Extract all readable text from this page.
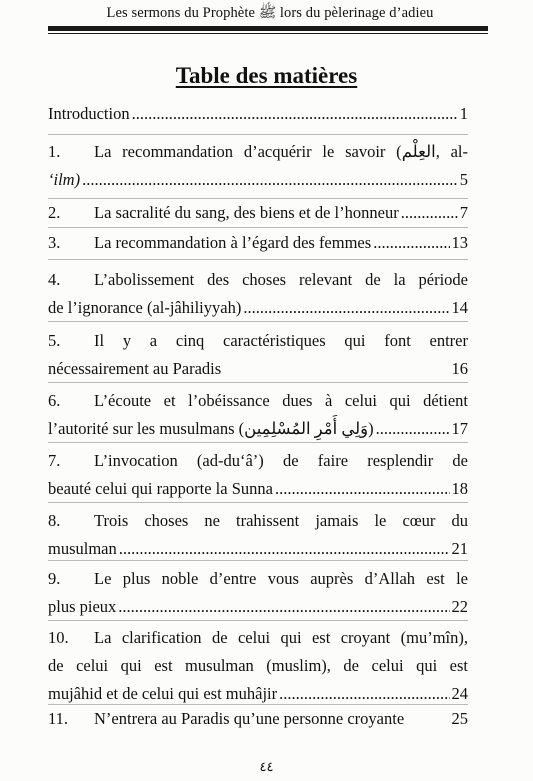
Les sermons du Prophète ﷺ lors du pèlerinage d’adieu
Table des matières
Introduction .....	1
1. La recommandation d’acquérir le savoir (العِلْم, al-
‘ilm) .....	5
2.	La sacralité du sang, des biens et de l’honneur .....	7
3.	La recommandation à l’égard des femmes .....	13
4. L’abolissement des choses relevant de la période
de l’ignorance (al-jâhiliyyah) .....	14
5. Il y a cinq caractéristiques qui font entrer
nécessairement au Paradis	16
6. L’écoute et l’obéissance dues à celui qui détient
l’autorité sur les musulmans (وَلِي أَمْرِ المُسْلِمِين) .....	17
7. L’invocation (ad-du‘â’) de faire resplendir de
beauté celui qui rapporte la Sunna .....	18
8. Trois choses ne trahissent jamais le cœur du
musulman .....	21
9. Le plus noble d’entre vous auprès d’Allah est le
plus pieux .....	22
10. La clarification de celui qui est croyant (mu’mîn),
de celui qui est musulman (muslim), de celui qui est
mujâhid et de celui qui est muhâjir .....	24
11.	N’entrera au Paradis qu’une personne croyante	25
٤٤
